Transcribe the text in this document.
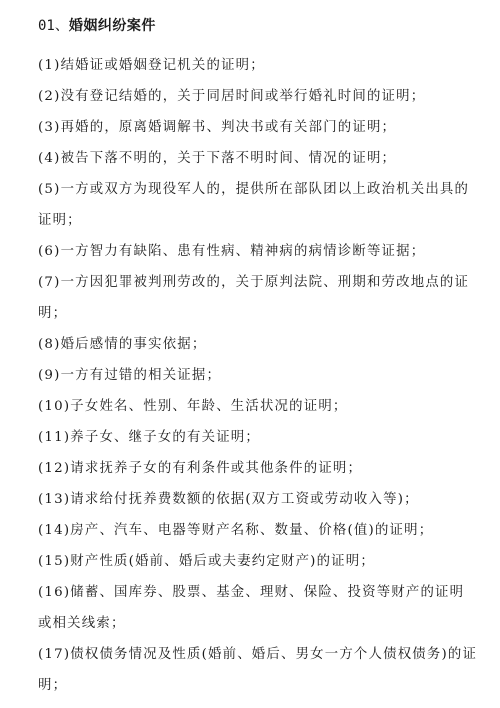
01、婚姻纠纷案件

(1)结婚证或婚姻登记机关的证明；

(2)没有登记结婚的，关于同居时间或举行婚礼时间的证明；

(3)再婚的，原离婚调解书、判决书或有关部门的证明；

(4)被告下落不明的，关于下落不明时间、情况的证明；

(5)一方或双方为现役军人的，提供所在部队团以上政治机关出具的证明；

(6)一方智力有缺陷、患有性病、精神病的病情诊断等证据；

(7)一方因犯罪被判刑劳改的，关于原判法院、刑期和劳改地点的证明；

(8)婚后感情的事实依据；

(9)一方有过错的相关证据；

(10)子女姓名、性别、年龄、生活状况的证明；

(11)养子女、继子女的有关证明；

(12)请求抚养子女的有利条件或其他条件的证明；

(13)请求给付抚养费数额的依据(双方工资或劳动收入等)；

(14)房产、汽车、电器等财产名称、数量、价格(值)的证明；

(15)财产性质(婚前、婚后或夫妻约定财产)的证明；

(16)储蓄、国库券、股票、基金、理财、保险、投资等财产的证明或相关线索；

(17)债权债务情况及性质(婚前、婚后、男女一方个人债权债务)的证明；
